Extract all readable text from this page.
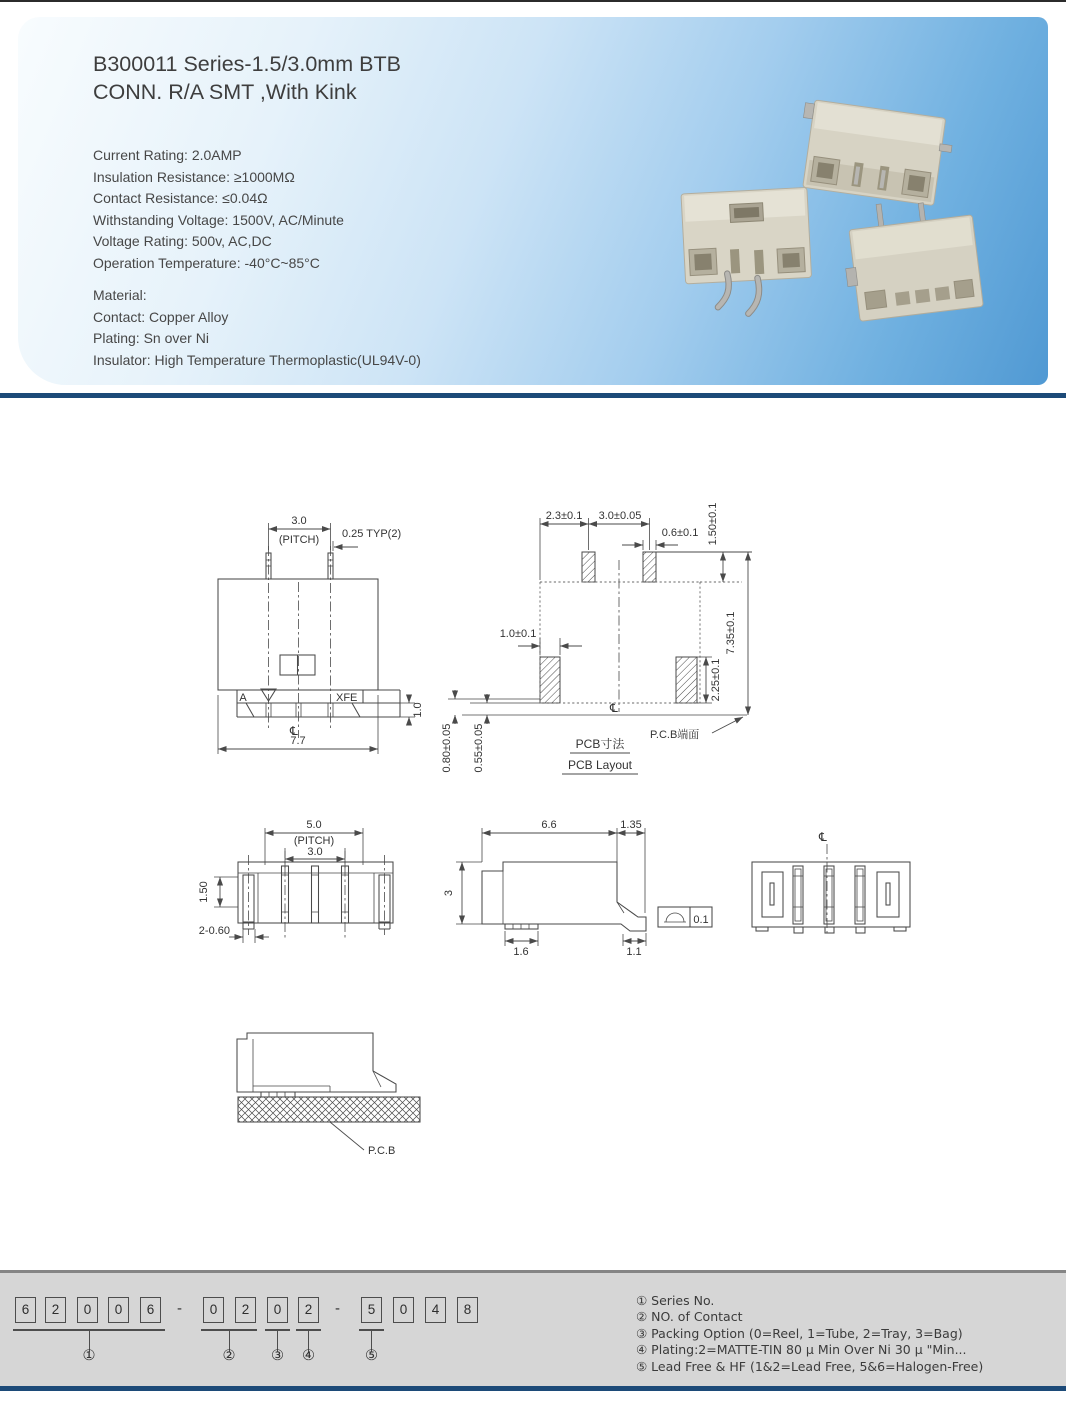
B300011 Series-1.5/3.0mm BTB
CONN. R/A SMT ,With Kink
Current Rating: 2.0AMP
Insulation Resistance: ≥1000MΩ
Contact Resistance: ≤0.04Ω
Withstanding Voltage: 1500V, AC/Minute
Voltage Rating: 500v, AC,DC
Operation Temperature: -40°C~85°C
Material:
Contact: Copper Alloy
Plating: Sn over Ni
Insulator: High Temperature Thermoplastic(UL94V-0)
3.0
(PITCH) 0.25 TYP(2)
A	XFE
1.0
℄
7.7
2.3±0.1 3.0±0.05
0.6±0.1 1.50±0.1
7.35±0.1
1.0±0.1
2.25±0.1
0.80±0.05 0.55±0.05
℄
PCB寸法
PCB Layout
P.C.B端面
5.0
(PITCH)
3.0
1.50
2-0.60
6.6	1.35
3
1.6	1.1
0.1
℄
P.C.B
6	2	0	0	6	-	0	2	0	2	-	5	0	4	8
①	② ③ ④	⑤
① Series No.
② NO. of Contact
③ Packing Option (0=Reel, 1=Tube, 2=Tray, 3=Bag)
④ Plating:2=MATTE-TIN 80 μ Min Over Ni 30 μ "Min...
⑤ Lead Free & HF (1&2=Lead Free, 5&6=Halogen-Free)
